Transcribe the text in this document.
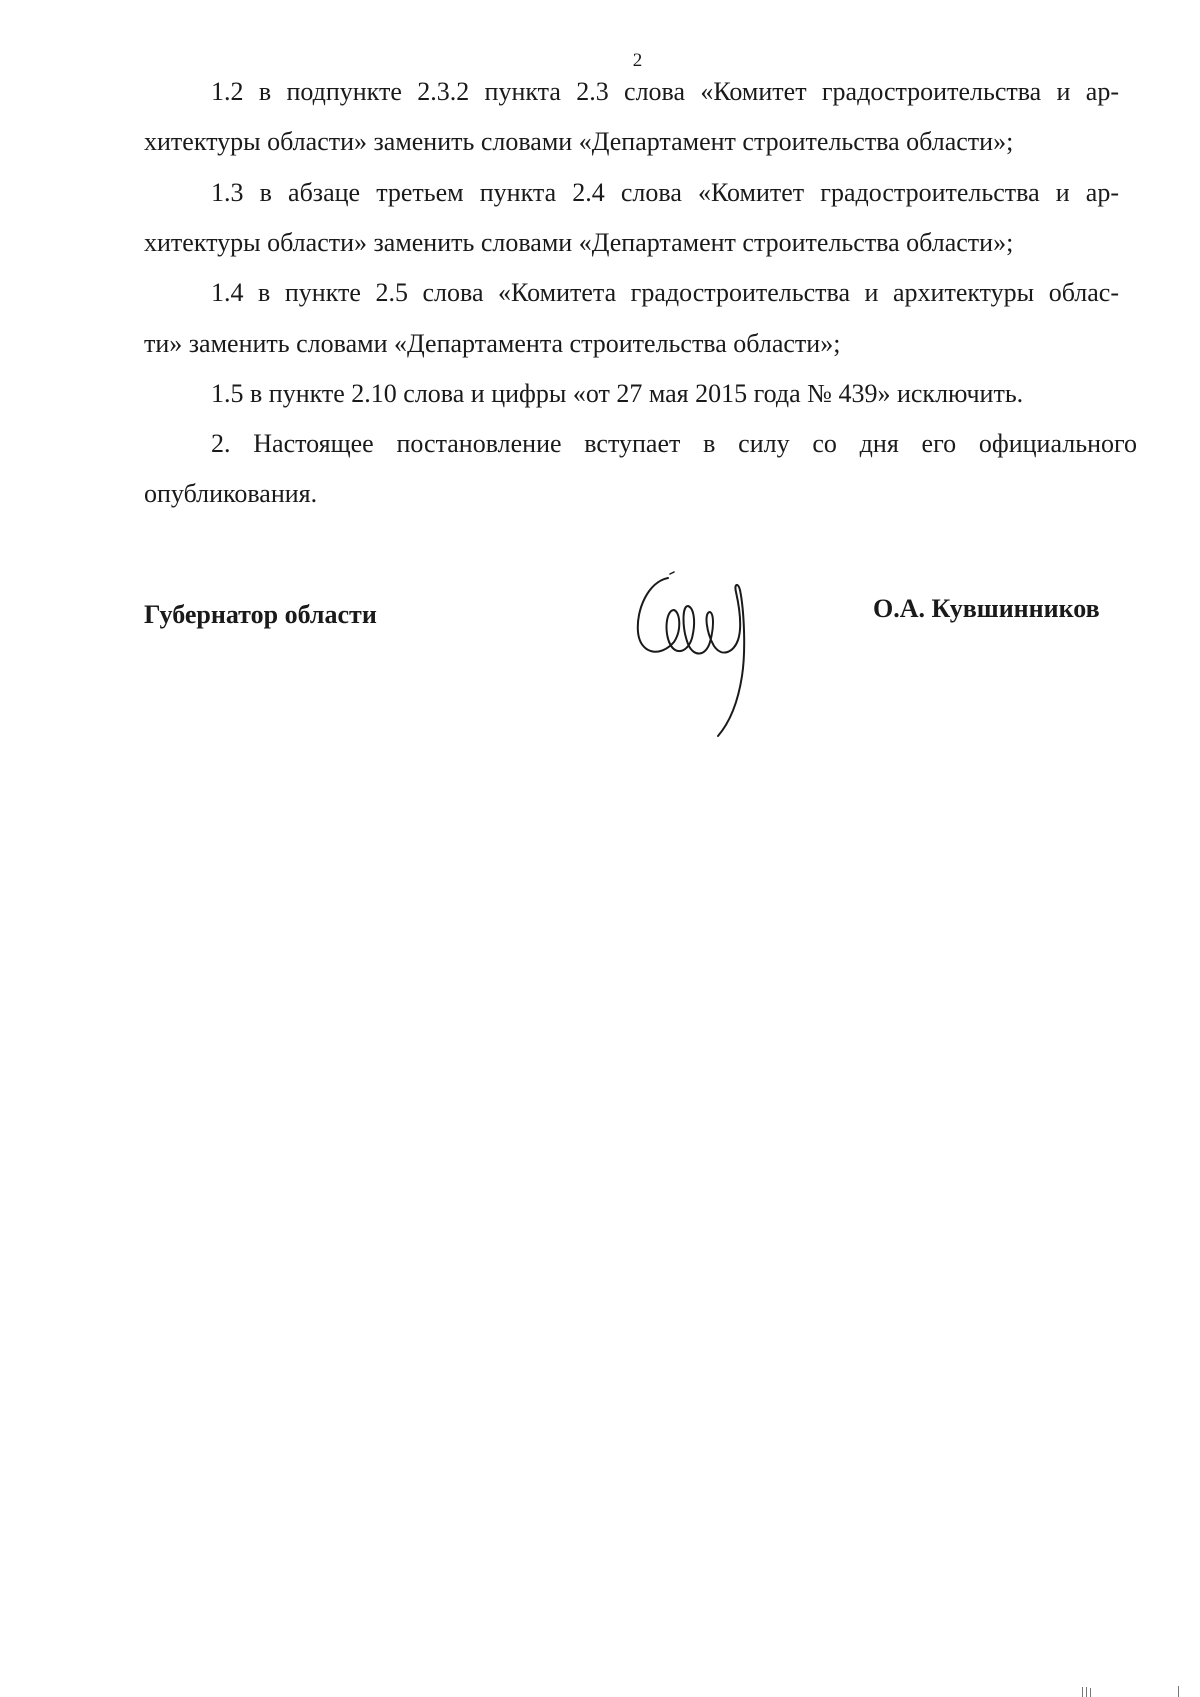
2
1.2 в подпункте 2.3.2 пункта 2.3 слова «Комитет градостроительства и ар-
хитектуры области» заменить словами «Департамент строительства области»;
1.3 в абзаце третьем пункта 2.4 слова «Комитет градостроительства и ар-
хитектуры области» заменить словами «Департамент строительства области»;
1.4 в пункте 2.5 слова «Комитета градостроительства и архитектуры облас-
ти» заменить словами «Департамента строительства области»;
1.5 в пункте 2.10 слова и цифры «от 27 мая 2015 года № 439» исключить.
2. Настоящее постановление вступает в силу со дня его официального
опубликования.
Губернатор области	О.А. Кувшинников
